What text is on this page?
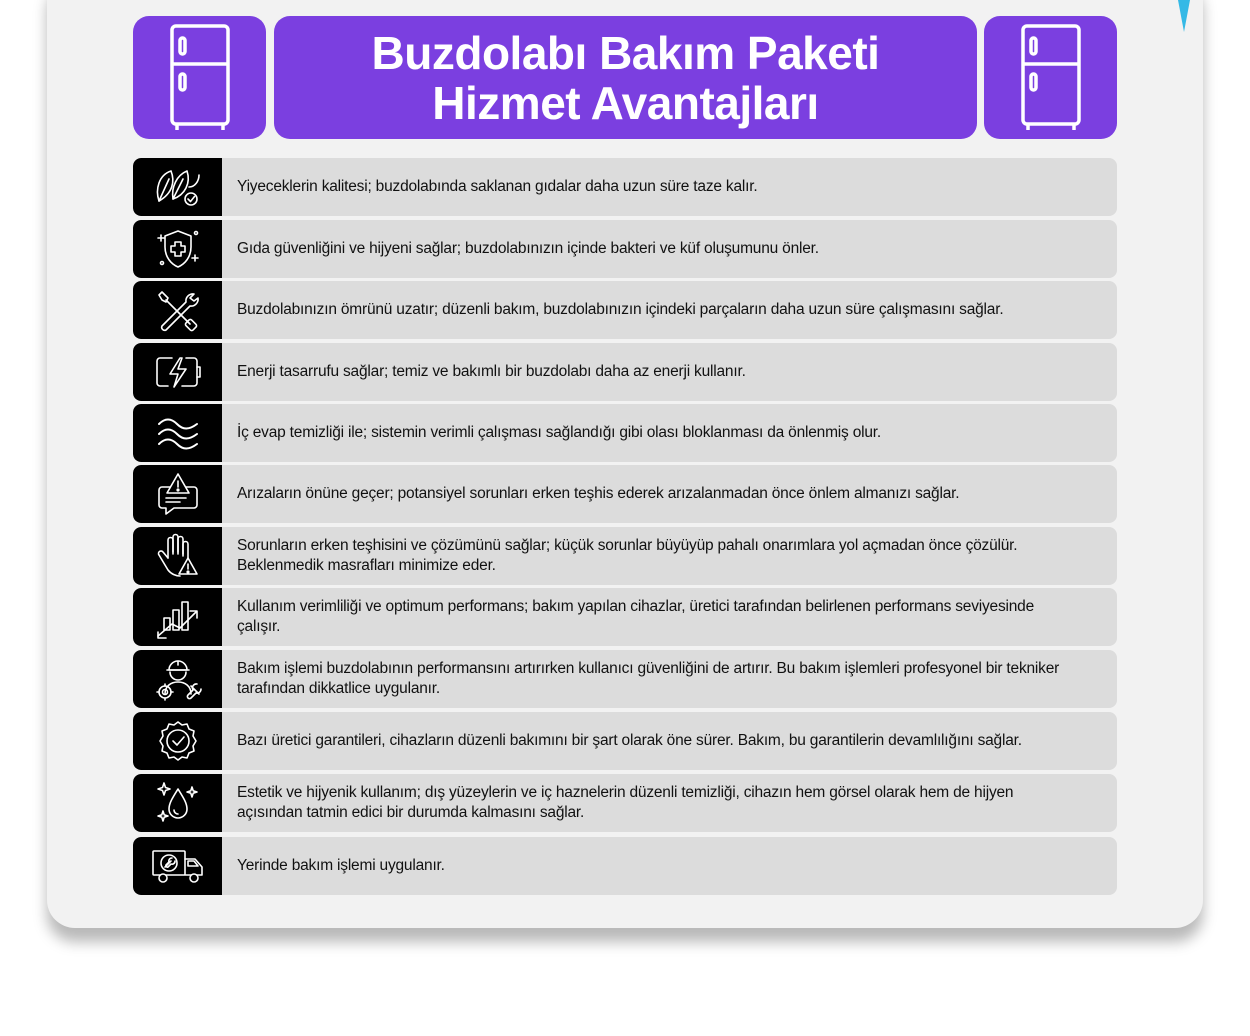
Buzdolabı Bakım Paketi
Hizmet Avantajları
Yiyeceklerin kalitesi; buzdolabında saklanan gıdalar daha uzun süre taze kalır.
Gıda güvenliğini ve hijyeni sağlar; buzdolabınızın içinde bakteri ve küf oluşumunu önler.
Buzdolabınızın ömrünü uzatır; düzenli bakım, buzdolabınızın içindeki parçaların daha uzun süre çalışmasını sağlar.
Enerji tasarrufu sağlar; temiz ve bakımlı bir buzdolabı daha az enerji kullanır.
İç evap temizliği ile; sistemin verimli çalışması sağlandığı gibi olası bloklanması da önlenmiş olur.
Arızaların önüne geçer; potansiyel sorunları erken teşhis ederek arızalanmadan önce önlem almanızı sağlar.
Sorunların erken teşhisini ve çözümünü sağlar; küçük sorunlar büyüyüp pahalı onarımlara yol açmadan önce çözülür. Beklenmedik masrafları minimize eder.
Kullanım verimliliği ve optimum performans; bakım yapılan cihazlar, üretici tarafından belirlenen performans seviyesinde çalışır.
Bakım işlemi buzdolabının performansını artırırken kullanıcı güvenliğini de artırır. Bu bakım işlemleri profesyonel bir tekniker tarafından dikkatlice uygulanır.
Bazı üretici garantileri, cihazların düzenli bakımını bir şart olarak öne sürer. Bakım, bu garantilerin devamlılığını sağlar.
Estetik ve hijyenik kullanım; dış yüzeylerin ve iç haznelerin düzenli temizliği, cihazın hem görsel olarak hem de hijyen açısından tatmin edici bir durumda kalmasını sağlar.
Yerinde bakım işlemi uygulanır.
